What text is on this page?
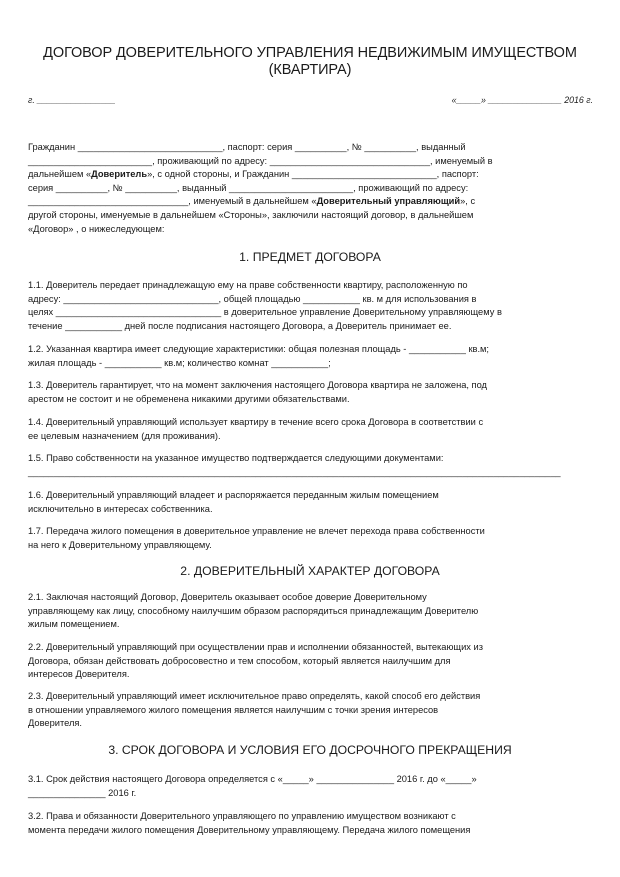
ДОГОВОР ДОВЕРИТЕЛЬНОГО УПРАВЛЕНИЯ НЕДВИЖИМЫМ ИМУЩЕСТВОМ
(КВАРТИРА)
г. ________________	«_____» _______________ 2016 г.
Гражданин ____________________________, паспорт: серия __________, № __________, выданный
________________________, проживающий по адресу: _______________________________, именуемый в
дальнейшем «Доверитель», с одной стороны, и Гражданин ____________________________, паспорт:
серия __________, № __________, выданный ________________________, проживающий по адресу:
_______________________________, именуемый в дальнейшем «Доверительный управляющий», с
другой стороны, именуемые в дальнейшем «Стороны», заключили настоящий договор, в дальнейшем
«Договор» , о нижеследующем:
1. ПРЕДМЕТ ДОГОВОРА
1.1. Доверитель передает принадлежащую ему на праве собственности квартиру, расположенную по
адресу: ______________________________, общей площадью ___________ кв. м для использования в
целях ________________________________ в доверительное управление Доверительному управляющему в
течение ___________ дней после подписания настоящего Договора, а Доверитель принимает ее.
1.2. Указанная квартира имеет следующие характеристики: общая полезная площадь - ___________ кв.м;
жилая площадь - ___________ кв.м; количество комнат ___________;
1.3. Доверитель гарантирует, что на момент заключения настоящего Договора квартира не заложена, под
арестом не состоит и не обременена никакими другими обязательствами.
1.4. Доверительный управляющий использует квартиру в течение всего срока Договора в соответствии с
ее целевым назначением (для проживания).
1.5. Право собственности на указанное имущество подтверждается следующими документами:
_______________________________________________________________________________________________________
1.6. Доверительный управляющий владеет и распоряжается переданным жилым помещением
исключительно в интересах собственника.
1.7. Передача жилого помещения в доверительное управление не влечет перехода права собственности
на него к Доверительному управляющему.
2. ДОВЕРИТЕЛЬНЫЙ ХАРАКТЕР ДОГОВОРА
2.1. Заключая настоящий Договор, Доверитель оказывает особое доверие Доверительному
управляющему как лицу, способному наилучшим образом распорядиться принадлежащим Доверителю
жилым помещением.
2.2. Доверительный управляющий при осуществлении прав и исполнении обязанностей, вытекающих из
Договора, обязан действовать добросовестно и тем способом, который является наилучшим для
интересов Доверителя.
2.3. Доверительный управляющий имеет исключительное право определять, какой способ его действия
в отношении управляемого жилого помещения является наилучшим с точки зрения интересов
Доверителя.
3. СРОК ДОГОВОРА И УСЛОВИЯ ЕГО ДОСРОЧНОГО ПРЕКРАЩЕНИЯ
3.1. Срок действия настоящего Договора определяется с «_____» _______________ 2016 г. до «_____»
_______________ 2016 г.
3.2. Права и обязанности Доверительного управляющего по управлению имуществом возникают с
момента передачи жилого помещения Доверительному управляющему. Передача жилого помещения
